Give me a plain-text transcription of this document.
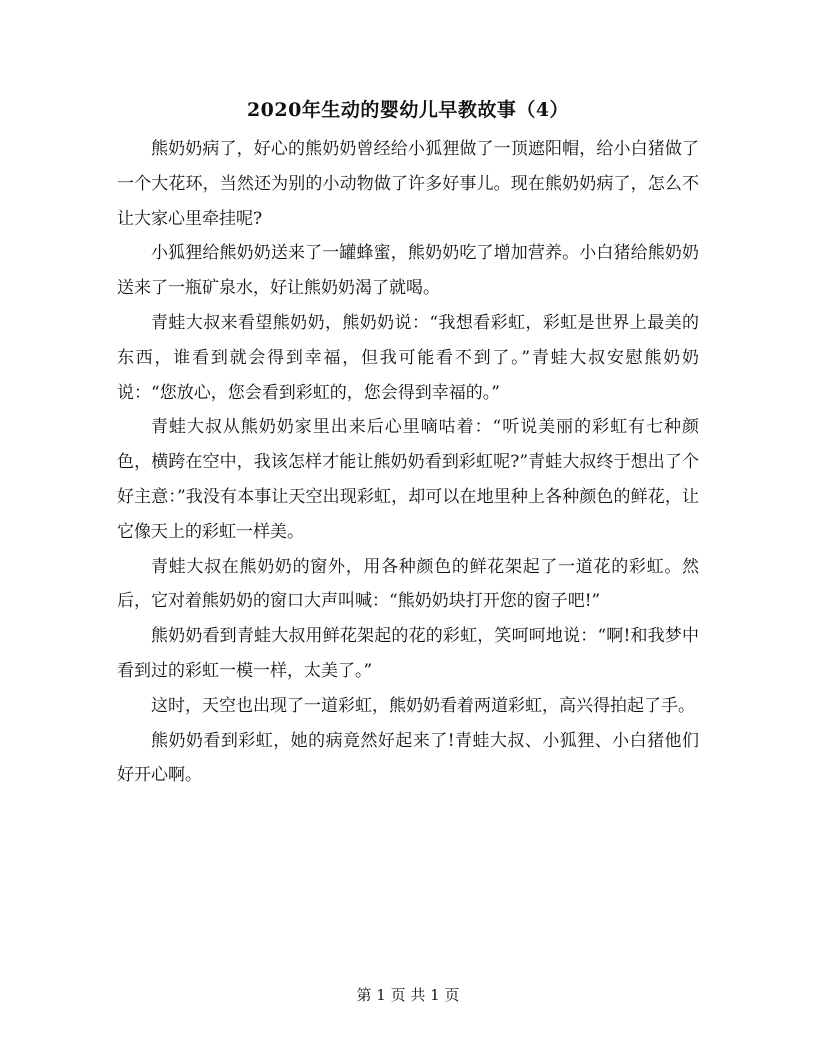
2020年生动的婴幼儿早教故事（4）

熊奶奶病了，好心的熊奶奶曾经给小狐狸做了一顶遮阳帽，给小白猪做了一个大花环，当然还为别的小动物做了许多好事儿。现在熊奶奶病了，怎么不让大家心里牵挂呢?

小狐狸给熊奶奶送来了一罐蜂蜜，熊奶奶吃了增加营养。小白猪给熊奶奶送来了一瓶矿泉水，好让熊奶奶渴了就喝。

青蛙大叔来看望熊奶奶，熊奶奶说：“我想看彩虹，彩虹是世界上最美的东西，谁看到就会得到幸福，但我可能看不到了。”青蛙大叔安慰熊奶奶说：“您放心，您会看到彩虹的，您会得到幸福的。”

青蛙大叔从熊奶奶家里出来后心里嘀咕着：“听说美丽的彩虹有七种颜色，横跨在空中，我该怎样才能让熊奶奶看到彩虹呢?”青蛙大叔终于想出了个好主意：”我没有本事让天空出现彩虹，却可以在地里种上各种颜色的鲜花，让它像天上的彩虹一样美。

青蛙大叔在熊奶奶的窗外，用各种颜色的鲜花架起了一道花的彩虹。然后，它对着熊奶奶的窗口大声叫喊：“熊奶奶块打开您的窗子吧!”

熊奶奶看到青蛙大叔用鲜花架起的花的彩虹，笑呵呵地说：“啊!和我梦中看到过的彩虹一模一样，太美了。”

这时，天空也出现了一道彩虹，熊奶奶看着两道彩虹，高兴得拍起了手。

熊奶奶看到彩虹，她的病竟然好起来了!青蛙大叔、小狐狸、小白猪他们好开心啊。

第 1 页 共 1 页
